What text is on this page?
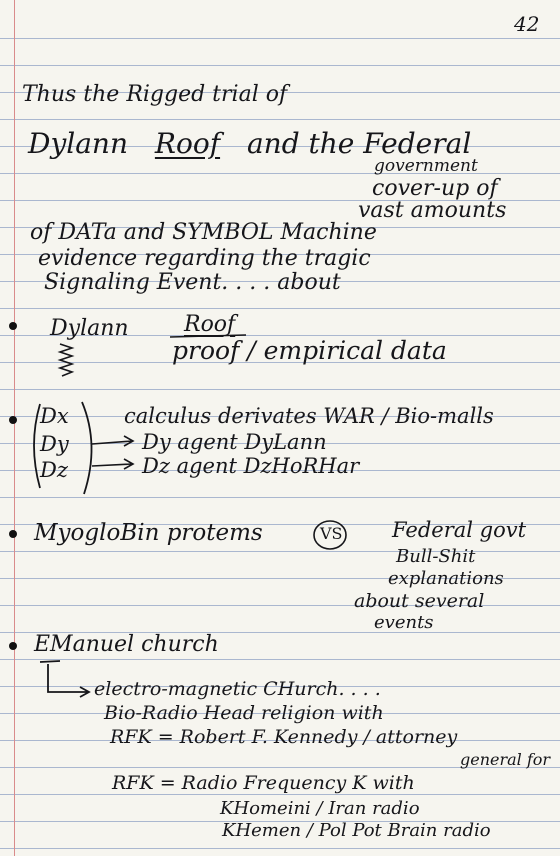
42
Thus the Rigged trial of
Dylann Roof and the Federal
government
cover-up of
vast amounts
of DATa and SYMBOL Machine
evidence regarding the tragic
Signaling Event. . . . about
Dylann	Roof
proof / empirical data
Dx
Dy
Dz
calculus derivates WAR / Bio-malls
Dy agent DyLann
Dz agent DzHoRHar
MyogloBin protems	VS Federal govt
Bull-Shit
explanations
about several
events
EManuel church
electro-magnetic CHurch. . . .
Bio-Radio Head religion with
RFK = Robert F. Kennedy / attorney
general for
RFK = Radio Frequency K with
KHomeini / Iran radio
KHemen / Pol Pot Brain radio
